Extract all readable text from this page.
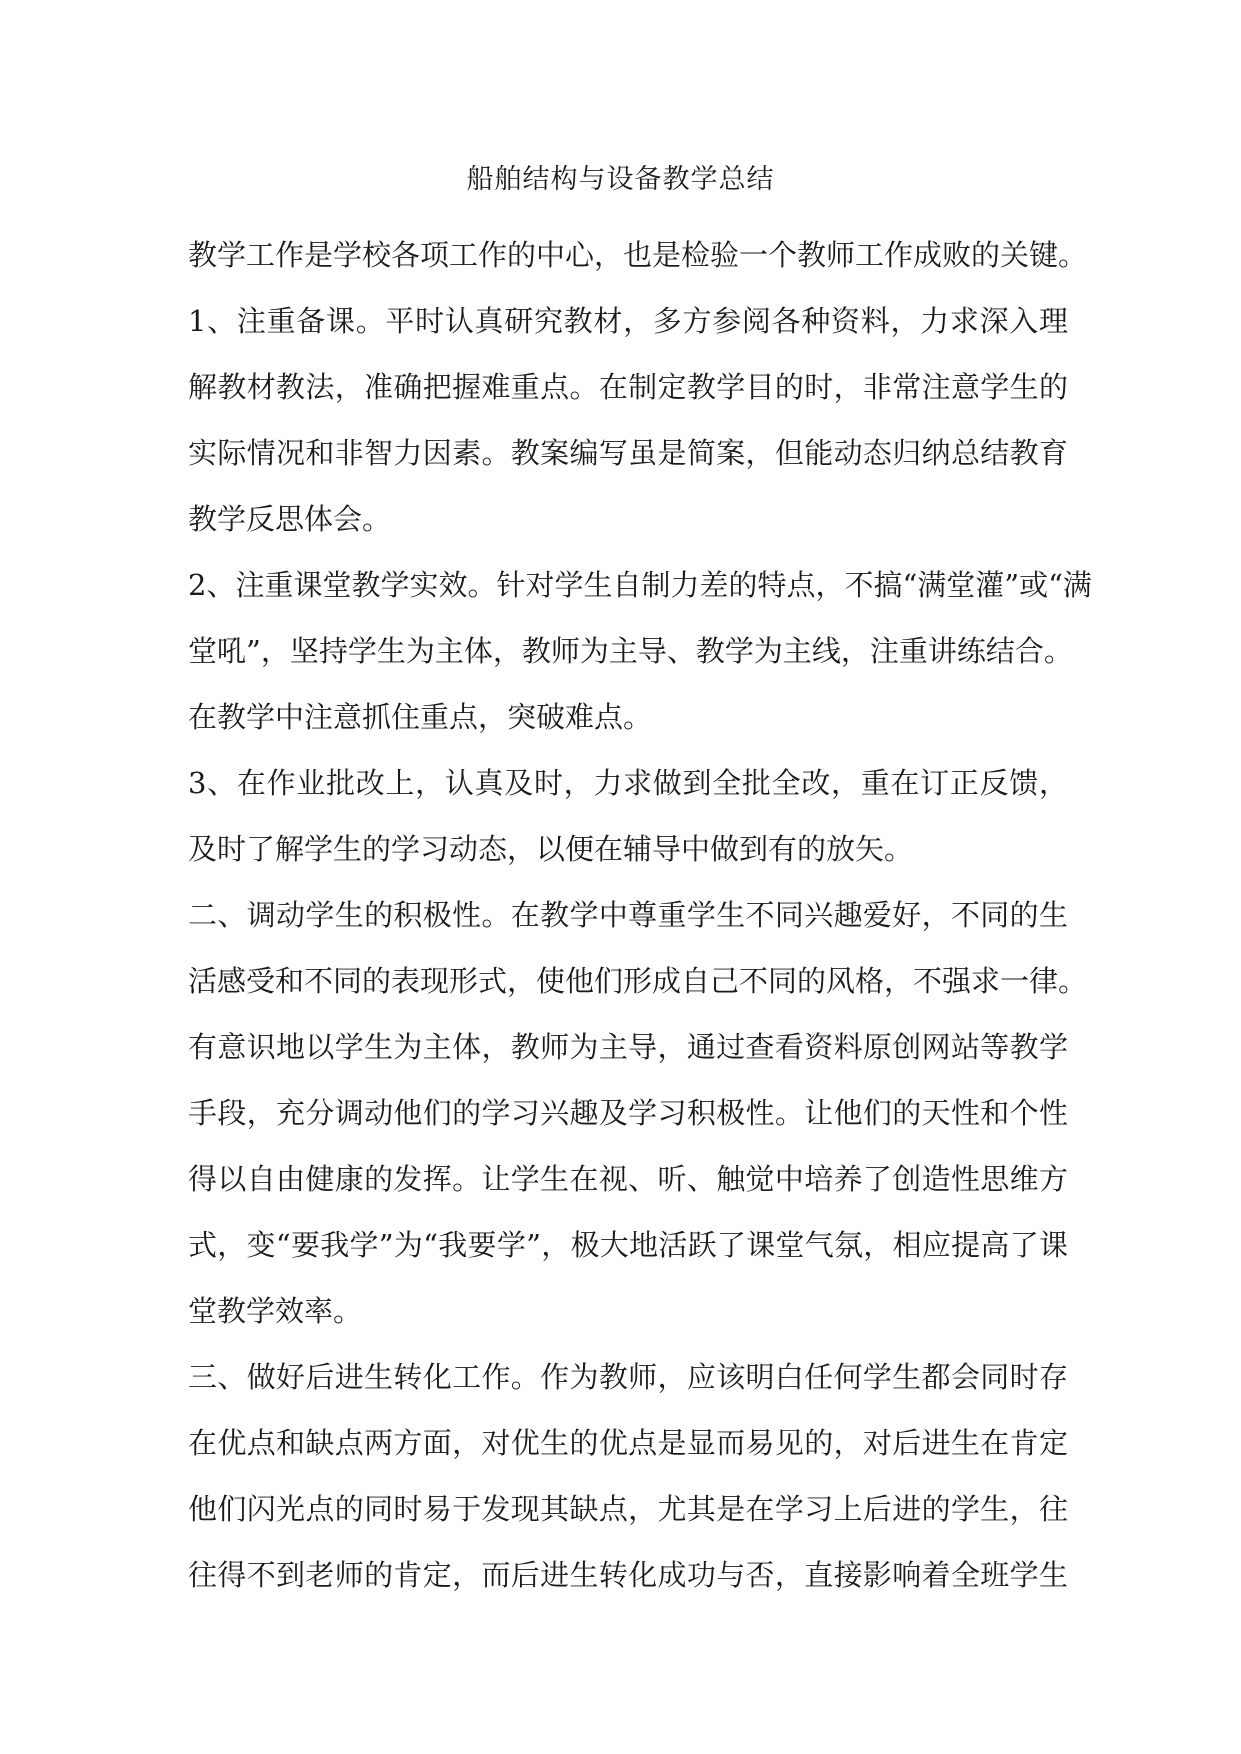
船舶结构与设备教学总结
教学工作是学校各项工作的中心，也是检验一个教师工作成败的关键。
1、注重备课。平时认真研究教材，多方参阅各种资料，力求深入理
解教材教法，准确把握难重点。在制定教学目的时，非常注意学生的
实际情况和非智力因素。教案编写虽是简案，但能动态归纳总结教育
教学反思体会。
2、注重课堂教学实效。针对学生自制力差的特点，不搞“满堂灌”或“满
堂吼”，坚持学生为主体，教师为主导、教学为主线，注重讲练结合。
在教学中注意抓住重点，突破难点。
3、在作业批改上，认真及时，力求做到全批全改，重在订正反馈，
及时了解学生的学习动态，以便在辅导中做到有的放矢。
二、调动学生的积极性。在教学中尊重学生不同兴趣爱好，不同的生
活感受和不同的表现形式，使他们形成自己不同的风格，不强求一律。
有意识地以学生为主体，教师为主导，通过查看资料原创网站等教学
手段，充分调动他们的学习兴趣及学习积极性。让他们的天性和个性
得以自由健康的发挥。让学生在视、听、触觉中培养了创造性思维方
式，变“要我学”为“我要学”，极大地活跃了课堂气氛，相应提高了课
堂教学效率。
三、做好后进生转化工作。作为教师，应该明白任何学生都会同时存
在优点和缺点两方面，对优生的优点是显而易见的，对后进生在肯定
他们闪光点的同时易于发现其缺点，尤其是在学习上后进的学生，往
往得不到老师的肯定，而后进生转化成功与否，直接影响着全班学生
